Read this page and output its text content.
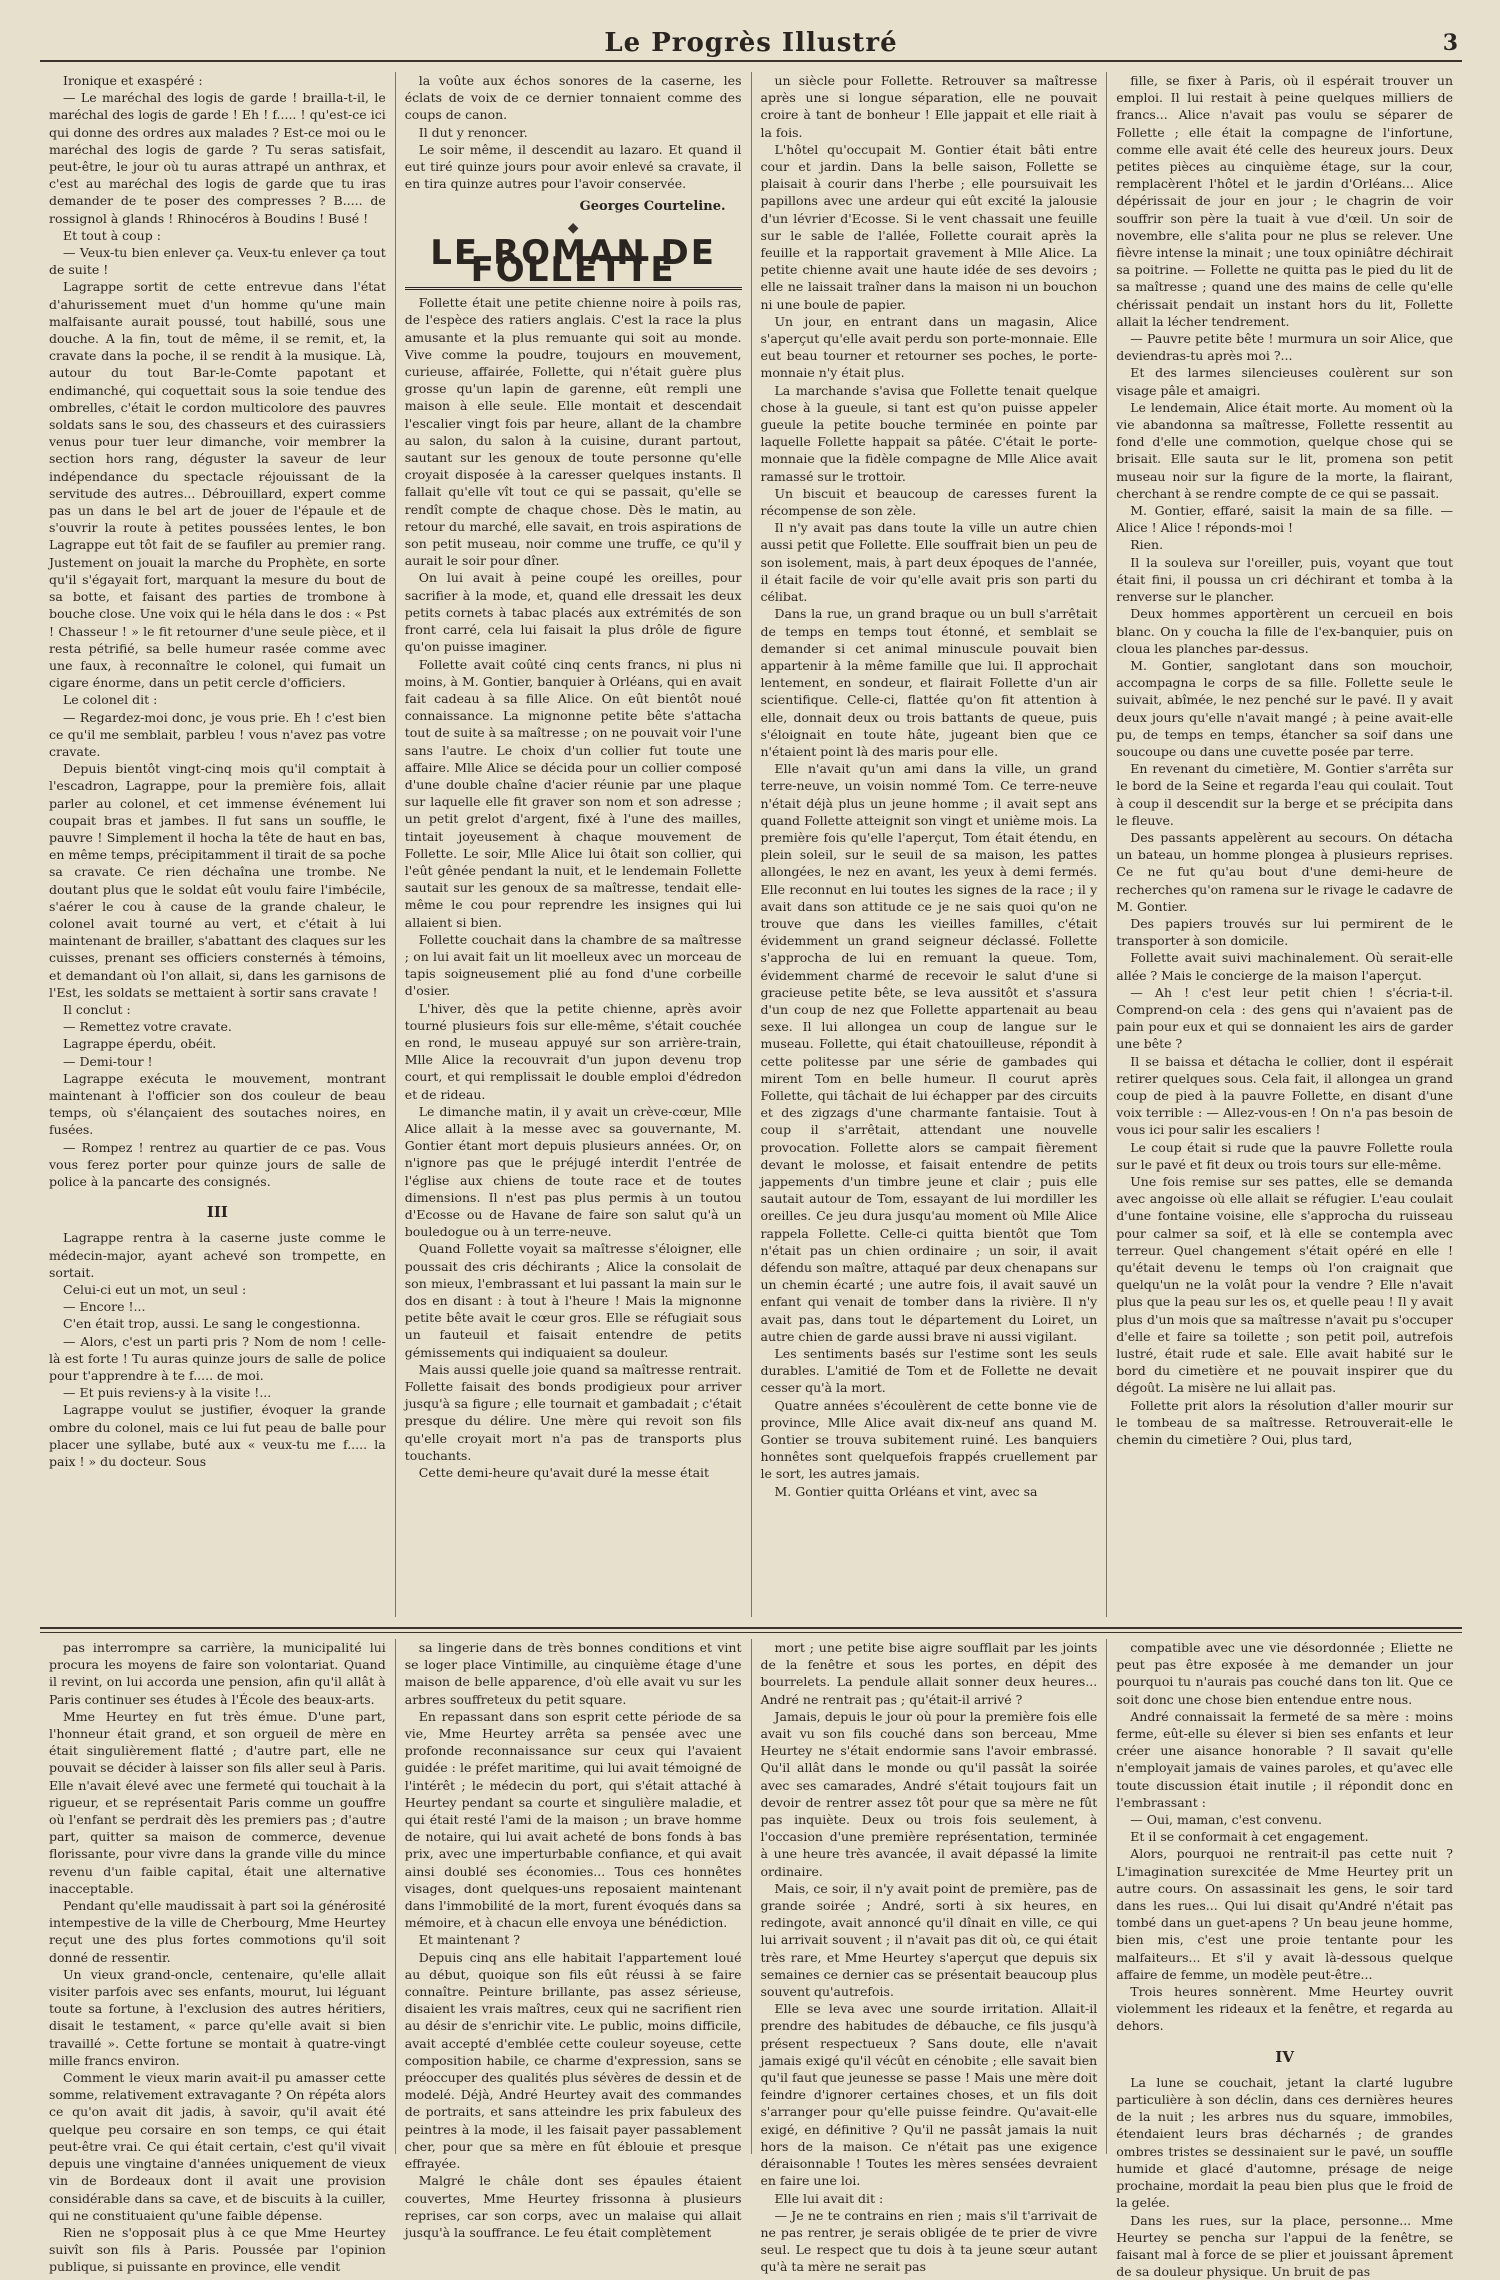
Le Progrès Illustré	3

Ironique et exaspéré :

— Le maréchal des logis de garde ! brailla-t-il, le maréchal des logis de garde ! Eh ! f..... ! qu'est-ce ici qui donne des ordres aux malades ? Est-ce moi ou le maréchal des logis de garde ? Tu seras satisfait, peut-être, le jour où tu auras attrapé un anthrax, et c'est au maréchal des logis de garde que tu iras demander de te poser des compresses ? B..... de rossignol à glands ! Rhinocéros à Boudins ! Busé !

Et tout à coup :

— Veux-tu bien enlever ça. Veux-tu enlever ça tout de suite !

Lagrappe sortit de cette entrevue dans l'état d'ahurissement muet d'un homme qu'une main malfaisante aurait poussé, tout habillé, sous une douche. A la fin, tout de même, il se remit, et, la cravate dans la poche, il se rendit à la musique. Là, autour du tout Bar-le-Comte papotant et endimanché, qui coquettait sous la soie tendue des ombrelles, c'était le cordon multicolore des pauvres soldats sans le sou, des chasseurs et des cuirassiers venus pour tuer leur dimanche, voir membrer la section hors rang, déguster la saveur de leur indépendance du spectacle réjouissant de la servitude des autres... Débrouillard, expert comme pas un dans le bel art de jouer de l'épaule et de s'ouvrir la route à petites poussées lentes, le bon Lagrappe eut tôt fait de se faufiler au premier rang. Justement on jouait la marche du Prophète, en sorte qu'il s'égayait fort, marquant la mesure du bout de sa botte, et faisant des parties de trombone à bouche close. Une voix qui le héla dans le dos : « Pst ! Chasseur ! » le fit retourner d'une seule pièce, et il resta pétrifié, sa belle humeur rasée comme avec une faux, à reconnaître le colonel, qui fumait un cigare énorme, dans un petit cercle d'officiers.

Le colonel dit :

— Regardez-moi donc, je vous prie. Eh ! c'est bien ce qu'il me semblait, parbleu ! vous n'avez pas votre cravate.

Depuis bientôt vingt-cinq mois qu'il comptait à l'escadron, Lagrappe, pour la première fois, allait parler au colonel, et cet immense événement lui coupait bras et jambes. Il fut sans un souffle, le pauvre ! Simplement il hocha la tête de haut en bas, en même temps, précipitamment il tirait de sa poche sa cravate. Ce rien déchaîna une trombe. Ne doutant plus que le soldat eût voulu faire l'imbécile, s'aérer le cou à cause de la grande chaleur, le colonel avait tourné au vert, et c'était à lui maintenant de brailler, s'abattant des claques sur les cuisses, prenant ses officiers consternés à témoins, et demandant où l'on allait, si, dans les garnisons de l'Est, les soldats se mettaient à sortir sans cravate !

Il conclut :

— Remettez votre cravate.

Lagrappe éperdu, obéit.

— Demi-tour !

Lagrappe exécuta le mouvement, montrant maintenant à l'officier son dos couleur de beau temps, où s'élançaient des soutaches noires, en fusées.

— Rompez ! rentrez au quartier de ce pas. Vous vous ferez porter pour quinze jours de salle de police à la pancarte des consignés.

III

Lagrappe rentra à la caserne juste comme le médecin-major, ayant achevé son trompette, en sortait.

Celui-ci eut un mot, un seul :

— Encore !...

C'en était trop, aussi. Le sang le congestionna.

— Alors, c'est un parti pris ? Nom de nom ! celle-là est forte ! Tu auras quinze jours de salle de police pour t'apprendre à te f..... de moi.

— Et puis reviens-y à la visite !...

Lagrappe voulut se justifier, évoquer la grande ombre du colonel, mais ce lui fut peau de balle pour placer une syllabe, buté aux « veux-tu me f..... la paix ! » du docteur. Sous

la voûte aux échos sonores de la caserne, les éclats de voix de ce dernier tonnaient comme des coups de canon.

Il dut y renoncer.

Le soir même, il descendit au lazaro. Et quand il eut tiré quinze jours pour avoir enlevé sa cravate, il en tira quinze autres pour l'avoir conservée.

Georges Courteline.
◆
LE ROMAN DE FOLLETTE

Follette était une petite chienne noire à poils ras, de l'espèce des ratiers anglais. C'est la race la plus amusante et la plus remuante qui soit au monde. Vive comme la poudre, toujours en mouvement, curieuse, affairée, Follette, qui n'était guère plus grosse qu'un lapin de garenne, eût rempli une maison à elle seule. Elle montait et descendait l'escalier vingt fois par heure, allant de la chambre au salon, du salon à la cuisine, durant partout, sautant sur les genoux de toute personne qu'elle croyait disposée à la caresser quelques instants. Il fallait qu'elle vît tout ce qui se passait, qu'elle se rendît compte de chaque chose. Dès le matin, au retour du marché, elle savait, en trois aspirations de son petit museau, noir comme une truffe, ce qu'il y aurait le soir pour dîner.

On lui avait à peine coupé les oreilles, pour sacrifier à la mode, et, quand elle dressait les deux petits cornets à tabac placés aux extrémités de son front carré, cela lui faisait la plus drôle de figure qu'on puisse imaginer.

Follette avait coûté cinq cents francs, ni plus ni moins, à M. Gontier, banquier à Orléans, qui en avait fait cadeau à sa fille Alice. On eût bientôt noué connaissance. La mignonne petite bête s'attacha tout de suite à sa maîtresse ; on ne pouvait voir l'une sans l'autre. Le choix d'un collier fut toute une affaire. Mlle Alice se décida pour un collier composé d'une double chaîne d'acier réunie par une plaque sur laquelle elle fit graver son nom et son adresse ; un petit grelot d'argent, fixé à l'une des mailles, tintait joyeusement à chaque mouvement de Follette. Le soir, Mlle Alice lui ôtait son collier, qui l'eût gênée pendant la nuit, et le lendemain Follette sautait sur les genoux de sa maîtresse, tendait elle-même le cou pour reprendre les insignes qui lui allaient si bien.

Follette couchait dans la chambre de sa maîtresse ; on lui avait fait un lit moelleux avec un morceau de tapis soigneusement plié au fond d'une corbeille d'osier.

L'hiver, dès que la petite chienne, après avoir tourné plusieurs fois sur elle-même, s'était couchée en rond, le museau appuyé sur son arrière-train, Mlle Alice la recouvrait d'un jupon devenu trop court, et qui remplissait le double emploi d'édredon et de rideau.

Le dimanche matin, il y avait un crève-cœur, Mlle Alice allait à la messe avec sa gouvernante, M. Gontier étant mort depuis plusieurs années. Or, on n'ignore pas que le préjugé interdit l'entrée de l'église aux chiens de toute race et de toutes dimensions. Il n'est pas plus permis à un toutou d'Ecosse ou de Havane de faire son salut qu'à un bouledogue ou à un terre-neuve.

Quand Follette voyait sa maîtresse s'éloigner, elle poussait des cris déchirants ; Alice la consolait de son mieux, l'embrassant et lui passant la main sur le dos en disant : à tout à l'heure ! Mais la mignonne petite bête avait le cœur gros. Elle se réfugiait sous un fauteuil et faisait entendre de petits gémissements qui indiquaient sa douleur.

Mais aussi quelle joie quand sa maîtresse rentrait. Follette faisait des bonds prodigieux pour arriver jusqu'à sa figure ; elle tournait et gambadait ; c'était presque du délire. Une mère qui revoit son fils qu'elle croyait mort n'a pas de transports plus touchants.

Cette demi-heure qu'avait duré la messe était

un siècle pour Follette. Retrouver sa maîtresse après une si longue séparation, elle ne pouvait croire à tant de bonheur ! Elle jappait et elle riait à la fois.

L'hôtel qu'occupait M. Gontier était bâti entre cour et jardin. Dans la belle saison, Follette se plaisait à courir dans l'herbe ; elle poursuivait les papillons avec une ardeur qui eût excité la jalousie d'un lévrier d'Ecosse. Si le vent chassait une feuille sur le sable de l'allée, Follette courait après la feuille et la rapportait gravement à Mlle Alice. La petite chienne avait une haute idée de ses devoirs ; elle ne laissait traîner dans la maison ni un bouchon ni une boule de papier.

Un jour, en entrant dans un magasin, Alice s'aperçut qu'elle avait perdu son porte-monnaie. Elle eut beau tourner et retourner ses poches, le porte-monnaie n'y était plus.

La marchande s'avisa que Follette tenait quelque chose à la gueule, si tant est qu'on puisse appeler gueule la petite bouche terminée en pointe par laquelle Follette happait sa pâtée. C'était le porte-monnaie que la fidèle compagne de Mlle Alice avait ramassé sur le trottoir.

Un biscuit et beaucoup de caresses furent la récompense de son zèle.

Il n'y avait pas dans toute la ville un autre chien aussi petit que Follette. Elle souffrait bien un peu de son isolement, mais, à part deux époques de l'année, il était facile de voir qu'elle avait pris son parti du célibat.

Dans la rue, un grand braque ou un bull s'arrêtait de temps en temps tout étonné, et semblait se demander si cet animal minuscule pouvait bien appartenir à la même famille que lui. Il approchait lentement, en sondeur, et flairait Follette d'un air scientifique. Celle-ci, flattée qu'on fit attention à elle, donnait deux ou trois battants de queue, puis s'éloignait en toute hâte, jugeant bien que ce n'étaient point là des maris pour elle.

Elle n'avait qu'un ami dans la ville, un grand terre-neuve, un voisin nommé Tom. Ce terre-neuve n'était déjà plus un jeune homme ; il avait sept ans quand Follette atteignit son vingt et unième mois. La première fois qu'elle l'aperçut, Tom était étendu, en plein soleil, sur le seuil de sa maison, les pattes allongées, le nez en avant, les yeux à demi fermés. Elle reconnut en lui toutes les signes de la race ; il y avait dans son attitude ce je ne sais quoi qu'on ne trouve que dans les vieilles familles, c'était évidemment un grand seigneur déclassé. Follette s'approcha de lui en remuant la queue. Tom, évidemment charmé de recevoir le salut d'une si gracieuse petite bête, se leva aussitôt et s'assura d'un coup de nez que Follette appartenait au beau sexe. Il lui allongea un coup de langue sur le museau. Follette, qui était chatouilleuse, répondit à cette politesse par une série de gambades qui mirent Tom en belle humeur. Il courut après Follette, qui tâchait de lui échapper par des circuits et des zigzags d'une charmante fantaisie. Tout à coup il s'arrêtait, attendant une nouvelle provocation. Follette alors se campait fièrement devant le molosse, et faisait entendre de petits jappements d'un timbre jeune et clair ; puis elle sautait autour de Tom, essayant de lui mordiller les oreilles. Ce jeu dura jusqu'au moment où Mlle Alice rappela Follette. Celle-ci quitta bientôt que Tom n'était pas un chien ordinaire ; un soir, il avait défendu son maître, attaqué par deux chenapans sur un chemin écarté ; une autre fois, il avait sauvé un enfant qui venait de tomber dans la rivière. Il n'y avait pas, dans tout le département du Loiret, un autre chien de garde aussi brave ni aussi vigilant.

Les sentiments basés sur l'estime sont les seuls durables. L'amitié de Tom et de Follette ne devait cesser qu'à la mort.

Quatre années s'écoulèrent de cette bonne vie de province, Mlle Alice avait dix-neuf ans quand M. Gontier se trouva subitement ruiné. Les banquiers honnêtes sont quelquefois frappés cruellement par le sort, les autres jamais.

M. Gontier quitta Orléans et vint, avec sa

fille, se fixer à Paris, où il espérait trouver un emploi. Il lui restait à peine quelques milliers de francs... Alice n'avait pas voulu se séparer de Follette ; elle était la compagne de l'infortune, comme elle avait été celle des heureux jours. Deux petites pièces au cinquième étage, sur la cour, remplacèrent l'hôtel et le jardin d'Orléans... Alice dépérissait de jour en jour ; le chagrin de voir souffrir son père la tuait à vue d'œil. Un soir de novembre, elle s'alita pour ne plus se relever. Une fièvre intense la minait ; une toux opiniâtre déchirait sa poitrine. — Follette ne quitta pas le pied du lit de sa maîtresse ; quand une des mains de celle qu'elle chérissait pendait un instant hors du lit, Follette allait la lécher tendrement.

— Pauvre petite bête ! murmura un soir Alice, que deviendras-tu après moi ?...

Et des larmes silencieuses coulèrent sur son visage pâle et amaigri.

Le lendemain, Alice était morte. Au moment où la vie abandonna sa maîtresse, Follette ressentit au fond d'elle une commotion, quelque chose qui se brisait. Elle sauta sur le lit, promena son petit museau noir sur la figure de la morte, la flairant, cherchant à se rendre compte de ce qui se passait.

M. Gontier, effaré, saisit la main de sa fille. — Alice ! Alice ! réponds-moi !

Rien.

Il la souleva sur l'oreiller, puis, voyant que tout était fini, il poussa un cri déchirant et tomba à la renverse sur le plancher.

Deux hommes apportèrent un cercueil en bois blanc. On y coucha la fille de l'ex-banquier, puis on cloua les planches par-dessus.

M. Gontier, sanglotant dans son mouchoir, accompagna le corps de sa fille. Follette seule le suivait, abîmée, le nez penché sur le pavé. Il y avait deux jours qu'elle n'avait mangé ; à peine avait-elle pu, de temps en temps, étancher sa soif dans une soucoupe ou dans une cuvette posée par terre.

En revenant du cimetière, M. Gontier s'arrêta sur le bord de la Seine et regarda l'eau qui coulait. Tout à coup il descendit sur la berge et se précipita dans le fleuve.

Des passants appelèrent au secours. On détacha un bateau, un homme plongea à plusieurs reprises. Ce ne fut qu'au bout d'une demi-heure de recherches qu'on ramena sur le rivage le cadavre de M. Gontier.

Des papiers trouvés sur lui permirent de le transporter à son domicile.

Follette avait suivi machinalement. Où serait-elle allée ? Mais le concierge de la maison l'aperçut.

— Ah ! c'est leur petit chien ! s'écria-t-il. Comprend-on cela : des gens qui n'avaient pas de pain pour eux et qui se donnaient les airs de garder une bête ?

Il se baissa et détacha le collier, dont il espérait retirer quelques sous. Cela fait, il allongea un grand coup de pied à la pauvre Follette, en disant d'une voix terrible : — Allez-vous-en ! On n'a pas besoin de vous ici pour salir les escaliers !

Le coup était si rude que la pauvre Follette roula sur le pavé et fit deux ou trois tours sur elle-même.

Une fois remise sur ses pattes, elle se demanda avec angoisse où elle allait se réfugier. L'eau coulait d'une fontaine voisine, elle s'approcha du ruisseau pour calmer sa soif, et là elle se contempla avec terreur. Quel changement s'était opéré en elle ! qu'était devenu le temps où l'on craignait que quelqu'un ne la volât pour la vendre ? Elle n'avait plus que la peau sur les os, et quelle peau ! Il y avait plus d'un mois que sa maîtresse n'avait pu s'occuper d'elle et faire sa toilette ; son petit poil, autrefois lustré, était rude et sale. Elle avait habité sur le bord du cimetière et ne pouvait inspirer que du dégoût. La misère ne lui allait pas.

Follette prit alors la résolution d'aller mourir sur le tombeau de sa maîtresse. Retrouverait-elle le chemin du cimetière ? Oui, plus tard,

pas interrompre sa carrière, la municipalité lui procura les moyens de faire son volontariat. Quand il revint, on lui accorda une pension, afin qu'il allât à Paris continuer ses études à l'École des beaux-arts.

Mme Heurtey en fut très émue. D'une part, l'honneur était grand, et son orgueil de mère en était singulièrement flatté ; d'autre part, elle ne pouvait se décider à laisser son fils aller seul à Paris. Elle n'avait élevé avec une fermeté qui touchait à la rigueur, et se représentait Paris comme un gouffre où l'enfant se perdrait dès les premiers pas ; d'autre part, quitter sa maison de commerce, devenue florissante, pour vivre dans la grande ville du mince revenu d'un faible capital, était une alternative inacceptable.

Pendant qu'elle maudissait à part soi la générosité intempestive de la ville de Cherbourg, Mme Heurtey reçut une des plus fortes commotions qu'il soit donné de ressentir.

Un vieux grand-oncle, centenaire, qu'elle allait visiter parfois avec ses enfants, mourut, lui léguant toute sa fortune, à l'exclusion des autres héritiers, disait le testament, « parce qu'elle avait si bien travaillé ». Cette fortune se montait à quatre-vingt mille francs environ.

Comment le vieux marin avait-il pu amasser cette somme, relativement extravagante ? On répéta alors ce qu'on avait dit jadis, à savoir, qu'il avait été quelque peu corsaire en son temps, ce qui était peut-être vrai. Ce qui était certain, c'est qu'il vivait depuis une vingtaine d'années uniquement de vieux vin de Bordeaux dont il avait une provision considérable dans sa cave, et de biscuits à la cuiller, qui ne constituaient qu'une faible dépense.

Rien ne s'opposait plus à ce que Mme Heurtey suivît son fils à Paris. Poussée par l'opinion publique, si puissante en province, elle vendit

sa lingerie dans de très bonnes conditions et vint se loger place Vintimille, au cinquième étage d'une maison de belle apparence, d'où elle avait vu sur les arbres souffreteux du petit square.

En repassant dans son esprit cette période de sa vie, Mme Heurtey arrêta sa pensée avec une profonde reconnaissance sur ceux qui l'avaient guidée : le préfet maritime, qui lui avait témoigné de l'intérêt ; le médecin du port, qui s'était attaché à Heurtey pendant sa courte et singulière maladie, et qui était resté l'ami de la maison ; un brave homme de notaire, qui lui avait acheté de bons fonds à bas prix, avec une imperturbable confiance, et qui avait ainsi doublé ses économies... Tous ces honnêtes visages, dont quelques-uns reposaient maintenant dans l'immobilité de la mort, furent évoqués dans sa mémoire, et à chacun elle envoya une bénédiction.

Et maintenant ?

Depuis cinq ans elle habitait l'appartement loué au début, quoique son fils eût réussi à se faire connaître. Peinture brillante, pas assez sérieuse, disaient les vrais maîtres, ceux qui ne sacrifient rien au désir de s'enrichir vite. Le public, moins difficile, avait accepté d'emblée cette couleur soyeuse, cette composition habile, ce charme d'expression, sans se préoccuper des qualités plus sévères de dessin et de modelé. Déjà, André Heurtey avait des commandes de portraits, et sans atteindre les prix fabuleux des peintres à la mode, il les faisait payer passablement cher, pour que sa mère en fût éblouie et presque effrayée.

Malgré le châle dont ses épaules étaient couvertes, Mme Heurtey frissonna à plusieurs reprises, car son corps, avec un malaise qui allait jusqu'à la souffrance. Le feu était complètement

mort ; une petite bise aigre soufflait par les joints de la fenêtre et sous les portes, en dépit des bourrelets. La pendule allait sonner deux heures... André ne rentrait pas ; qu'était-il arrivé ?

Jamais, depuis le jour où pour la première fois elle avait vu son fils couché dans son berceau, Mme Heurtey ne s'était endormie sans l'avoir embrassé. Qu'il allât dans le monde ou qu'il passât la soirée avec ses camarades, André s'était toujours fait un devoir de rentrer assez tôt pour que sa mère ne fût pas inquiète. Deux ou trois fois seulement, à l'occasion d'une première représentation, terminée à une heure très avancée, il avait dépassé la limite ordinaire.

Mais, ce soir, il n'y avait point de première, pas de grande soirée ; André, sorti à six heures, en redingote, avait annoncé qu'il dînait en ville, ce qui lui arrivait souvent ; il n'avait pas dit où, ce qui était très rare, et Mme Heurtey s'aperçut que depuis six semaines ce dernier cas se présentait beaucoup plus souvent qu'autrefois.

Elle se leva avec une sourde irritation. Allait-il prendre des habitudes de débauche, ce fils jusqu'à présent respectueux ? Sans doute, elle n'avait jamais exigé qu'il vécût en cénobite ; elle savait bien qu'il faut que jeunesse se passe ! Mais une mère doit feindre d'ignorer certaines choses, et un fils doit s'arranger pour qu'elle puisse feindre. Qu'avait-elle exigé, en définitive ? Qu'il ne passât jamais la nuit hors de la maison. Ce n'était pas une exigence déraisonnable ! Toutes les mères sensées devraient en faire une loi.

Elle lui avait dit :

— Je ne te contrains en rien ; mais s'il t'arrivait de ne pas rentrer, je serais obligée de te prier de vivre seul. Le respect que tu dois à ta jeune sœur autant qu'à ta mère ne serait pas

compatible avec une vie désordonnée ; Eliette ne peut pas être exposée à me demander un jour pourquoi tu n'aurais pas couché dans ton lit. Que ce soit donc une chose bien entendue entre nous.

André connaissait la fermeté de sa mère : moins ferme, eût-elle su élever si bien ses enfants et leur créer une aisance honorable ? Il savait qu'elle n'employait jamais de vaines paroles, et qu'avec elle toute discussion était inutile ; il répondit donc en l'embrassant :

— Oui, maman, c'est convenu.

Et il se conformait à cet engagement.

Alors, pourquoi ne rentrait-il pas cette nuit ? L'imagination surexcitée de Mme Heurtey prit un autre cours. On assassinait les gens, le soir tard dans les rues... Qui lui disait qu'André n'était pas tombé dans un guet-apens ? Un beau jeune homme, bien mis, c'est une proie tentante pour les malfaiteurs... Et s'il y avait là-dessous quelque affaire de femme, un modèle peut-être...

Trois heures sonnèrent. Mme Heurtey ouvrit violemment les rideaux et la fenêtre, et regarda au dehors.

IV

La lune se couchait, jetant la clarté lugubre particulière à son déclin, dans ces dernières heures de la nuit ; les arbres nus du square, immobiles, étendaient leurs bras décharnés ; de grandes ombres tristes se dessinaient sur le pavé, un souffle humide et glacé d'automne, présage de neige prochaine, mordait la peau bien plus que le froid de la gelée.

Dans les rues, sur la place, personne... Mme Heurtey se pencha sur l'appui de la fenêtre, se faisant mal à force de se plier et jouissant âprement de sa douleur physique. Un bruit de pas
